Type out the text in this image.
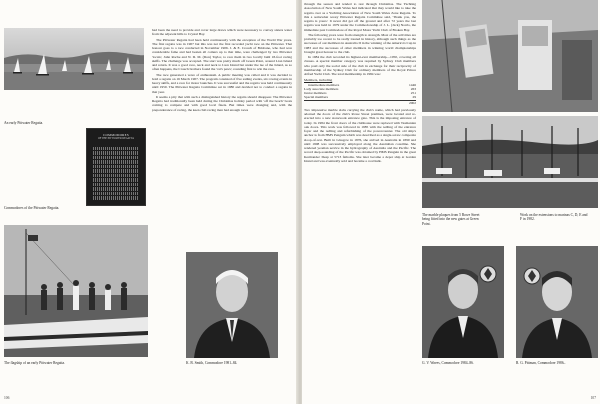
An early Pittwater Regatta.
COMMODORES
OF THE PITTWATER REGATTA
Commodores of the Pittwater Regatta.

had been the need to provide and cover large draws which were necessary to convey sisters water from the adjacent hills to Crystal Bay.

The Pittwater Regatta had been held continuously with the exception of the World War years. The first regatta was in 1907 but this was not the first recorded yacht race on the Pittwater. That honour goes to a race conducted in November 1906. J. & E. Crouch of Brisbane, who had won considerable fame and had beaten all comers up to that time, were challenged by two Pittwater 'locals', John Roche and N. D. M. (Don) Taylor, to race them in two locally built 18-foot racing skiffs. The challenge was accepted. The start was pretty much off Green Point, around Lion Island and return. It was a good race, neck and neck to Lion Island but under the lee of the Island, as so often happens, the Crouch brothers found the 'cat's paws', rounding first to win the race.

The race generated a wave of enthusiasm. A public meeting was called and it was decided to hold a regatta on 16 March 1907. The program consisted of five sailing events, six rowing events in heavy skiffs, and a race for motor launches. It was successful and the regatta was held continuously until 1950. The Pittwater Regatta Committee sat in 1980 and decided not to conduct a regatta in that year.

It seems a pity that with such a distinguished history the regatta should disappear. The Pittwater Regatta had traditionally been held during the Christmas holiday period with 'off the beach' boats coming to compete and with good local fleets. But times were changing and, with the preponderance of racing, the keen club racing men had enough races

The flagship of an early Pittwater Regatta.	K. B. Smith, Commodore 1981–84.
106

through the season and tended to rest through Christmas. The Yachting Association of New South Wales had indicated that they would like to take the regatta over as a Yachting Association of New South Wales Zone Regatta. To this a somewhat weary Pittwater Regatta Committee said, 'Thank you, the regatta is yours.' It never did get off the ground and after 72 years the last regatta was held in 1979 under the Commodoreship of J. L. (Jack) Norris, the immediate past Commodore of the Royal Motor Yacht Club of Broken Bay.

The following years were from strength to strength. Most of the activities are probably too recent to be really treated in history, although such things as the successes of our members in Australia II in the winning of the America's Cup in 1983 and the successes of other members in winning world championships brought great honour to the club.

In 1984 the club recorded its highest-ever membership—1050, covering all classes. A special member category was required by Sydney Club members who paid only the social side of the club in exchange for their reciprocity of membership of the Sydney Club for ordinary members of the Royal Prince Alfred Yacht Club. The total membership in 1984 was:

Members, including
intermediate members	1446
Lady associate members	263
Junior members	251
Special members	29
2002

Two impressive marble slabs carrying the club's name, which had previously adorned the doors of the club's Rowe Street premises, were located and re-erected into a new stonework entrance gate. This is the imposing entrance of today. In 1984 the front doors of the clubhouse were replaced with Tasmanian oak doors. This work was followed in 1985 with the redling of the entrance foyer and the redling and refurbishing of the powercounter. The old ship's anchor is from HMS Penguin which was described as a single-screw composite sloop-of-war. Built in Glasgow in 1876, she arrived in Australia in 1890 and until 1908 was successively employed along the Australian coastline. She rendered yeoman service in the hydrography of Australia and the Pacific. The record deep-sounding of the Pacific was obtained by HMS Penguin in the great Kermandec Deep at 5713 fathoms. She later became a depot ship at Garden Island and was eventually sold and became a coal hulk.

The marble plaques from 5 Rowe Street being fitted into the new gates at Green Point.
Work on the extensions to marinas C, D, E and F in 1982.
G. V. Waves, Commodore 1984–86.	R. G. Pittman, Commodore 1986–
107
